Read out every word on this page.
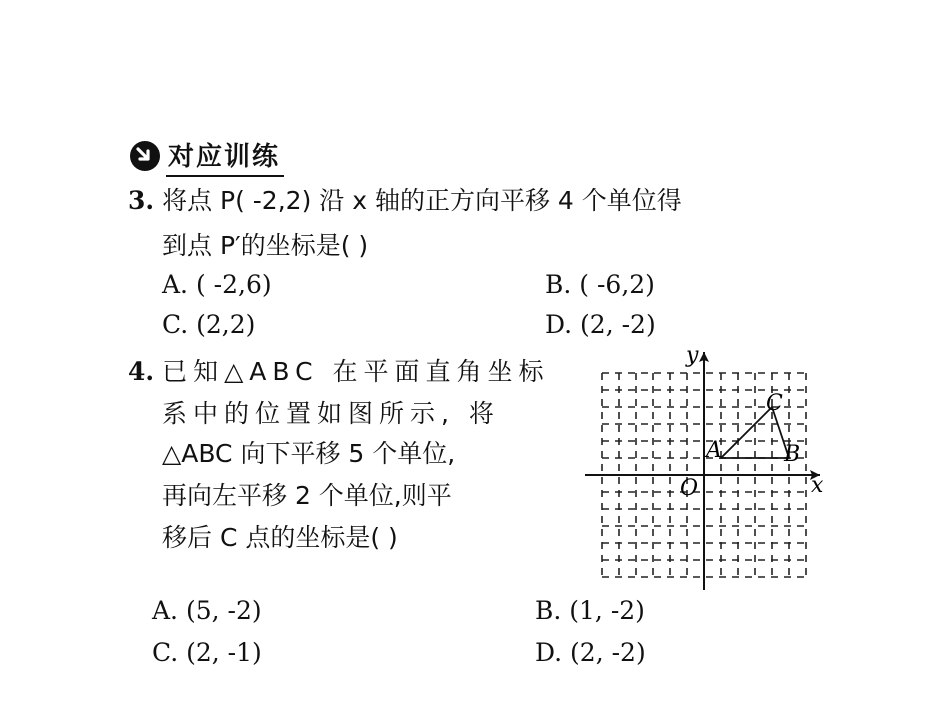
对应训练
3. 将点 P( -2,2) 沿 x 轴的正方向平移 4 个单位得
到点 P′的坐标是( )
A. ( -2,6)	B. ( -6,2)
C. (2,2)	D. (2, -2)
4. 已知△ABC 在平面直角坐标
系中的位置如图所示, 将
△ABC 向下平移 5 个单位,
再向左平移 2 个单位,则平
移后 C 点的坐标是( )
x
y
O
A	B
C
A. (5, -2)	B. (1, -2)
C. (2, -1)	D. (2, -2)
